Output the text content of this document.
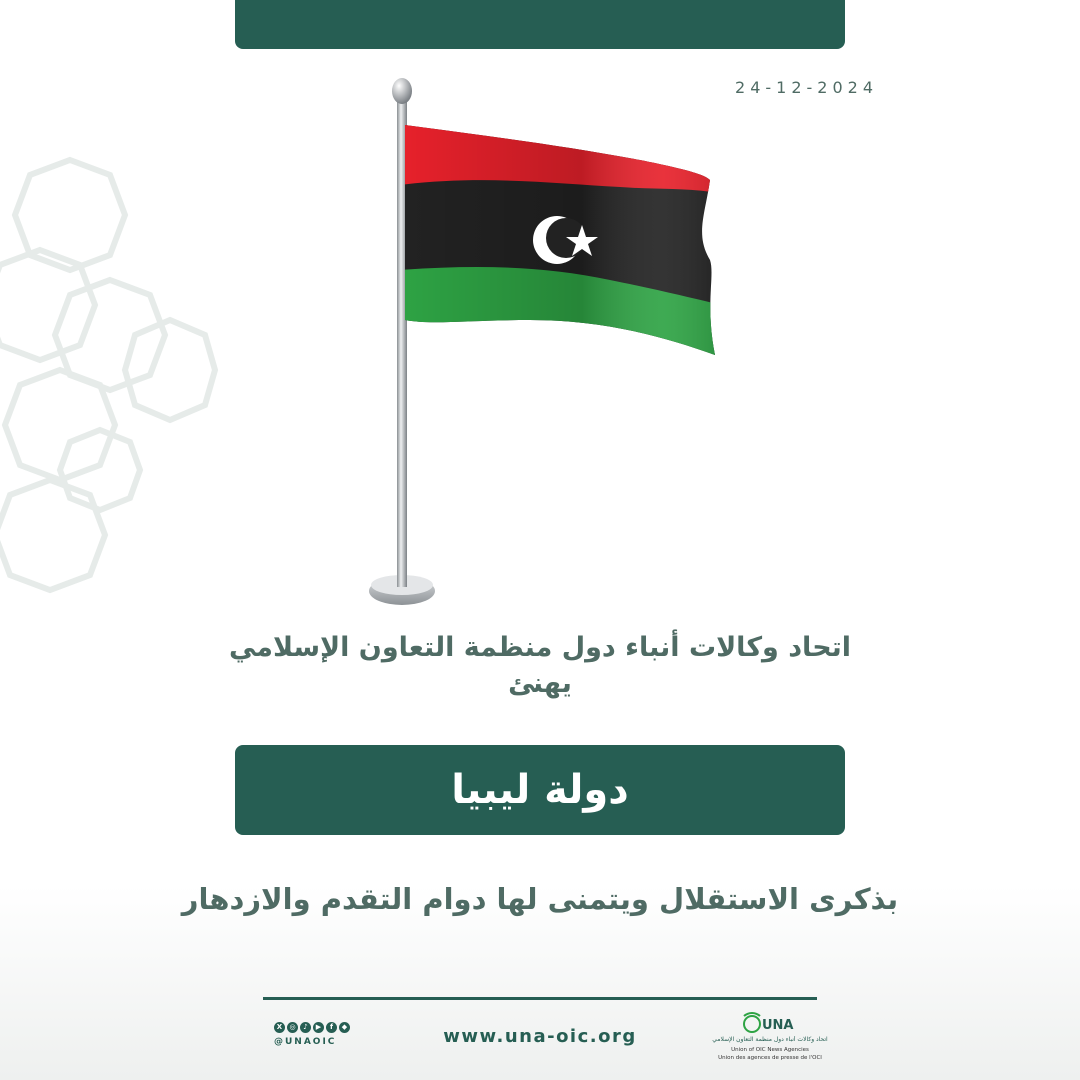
24-12-2024
اتحاد وكالات أنباء دول منظمة التعاون الإسلامي
يهنئ
دولة ليبيا
بذكرى الاستقلال ويتمنى لها دوام التقدم والازدهار
X	◎	♪	▶	f	◆
@UNAOIC	www.una-oic.org
UNA
اتحاد وكالات أنباء دول منظمة التعاون الإسلامي
Union of OIC News Agencies
Union des agences de presse de l'OCI
